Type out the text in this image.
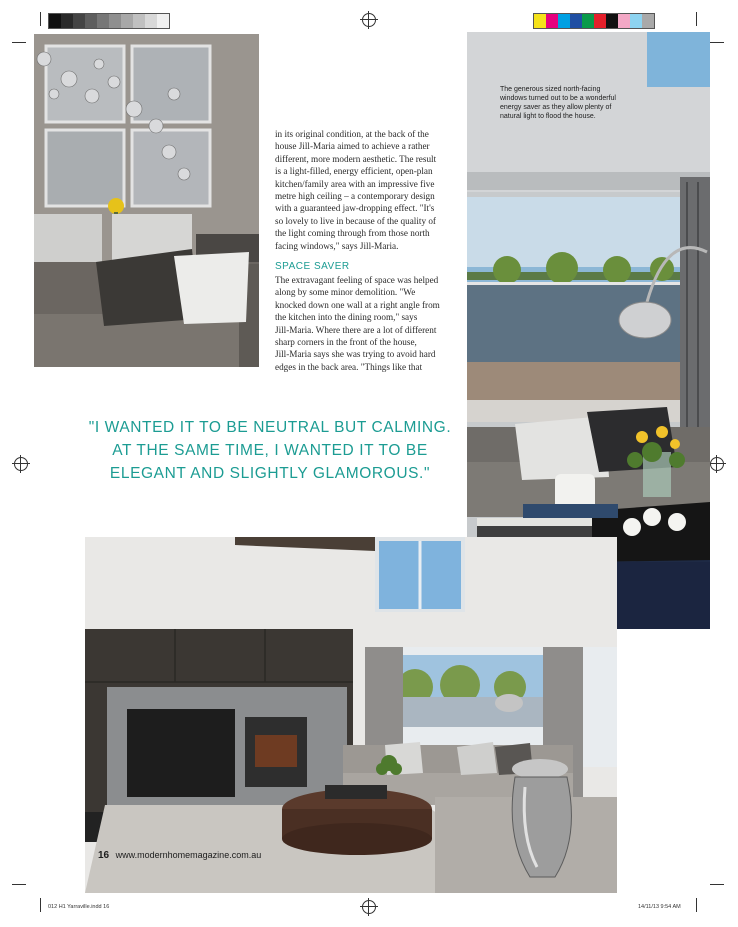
in its original condition, at the back of the
house Jill-Maria aimed to achieve a rather
different, more modern aesthetic. The result
is a light-filled, energy efficient, open-plan
kitchen/family area with an impressive five
metre high ceiling – a contemporary design
with a guaranteed jaw-dropping effect. "It's
so lovely to live in because of the quality of
the light coming through from those north
facing windows," says Jill-Maria.
SPACE SAVER
The extravagant feeling of space was helped
along by some minor demolition. "We
knocked down one wall at a right angle from
the kitchen into the dining room," says
Jill-Maria. Where there are a lot of different
sharp corners in the front of the house,
Jill-Maria says she was trying to avoid hard
edges in the back area. "Things like that
The generous sized north-facing
windows turned out to be a wonderful
energy saver as they allow plenty of
natural light to flood the house.
"I WANTED IT TO BE NEUTRAL BUT CALMING.
AT THE SAME TIME, I WANTED IT TO BE
ELEGANT AND SLIGHTLY GLAMOROUS."
16 www.modernhomemagazine.com.au
012 H1 Yarraville.indd 16	14/11/13 9:54 AM
